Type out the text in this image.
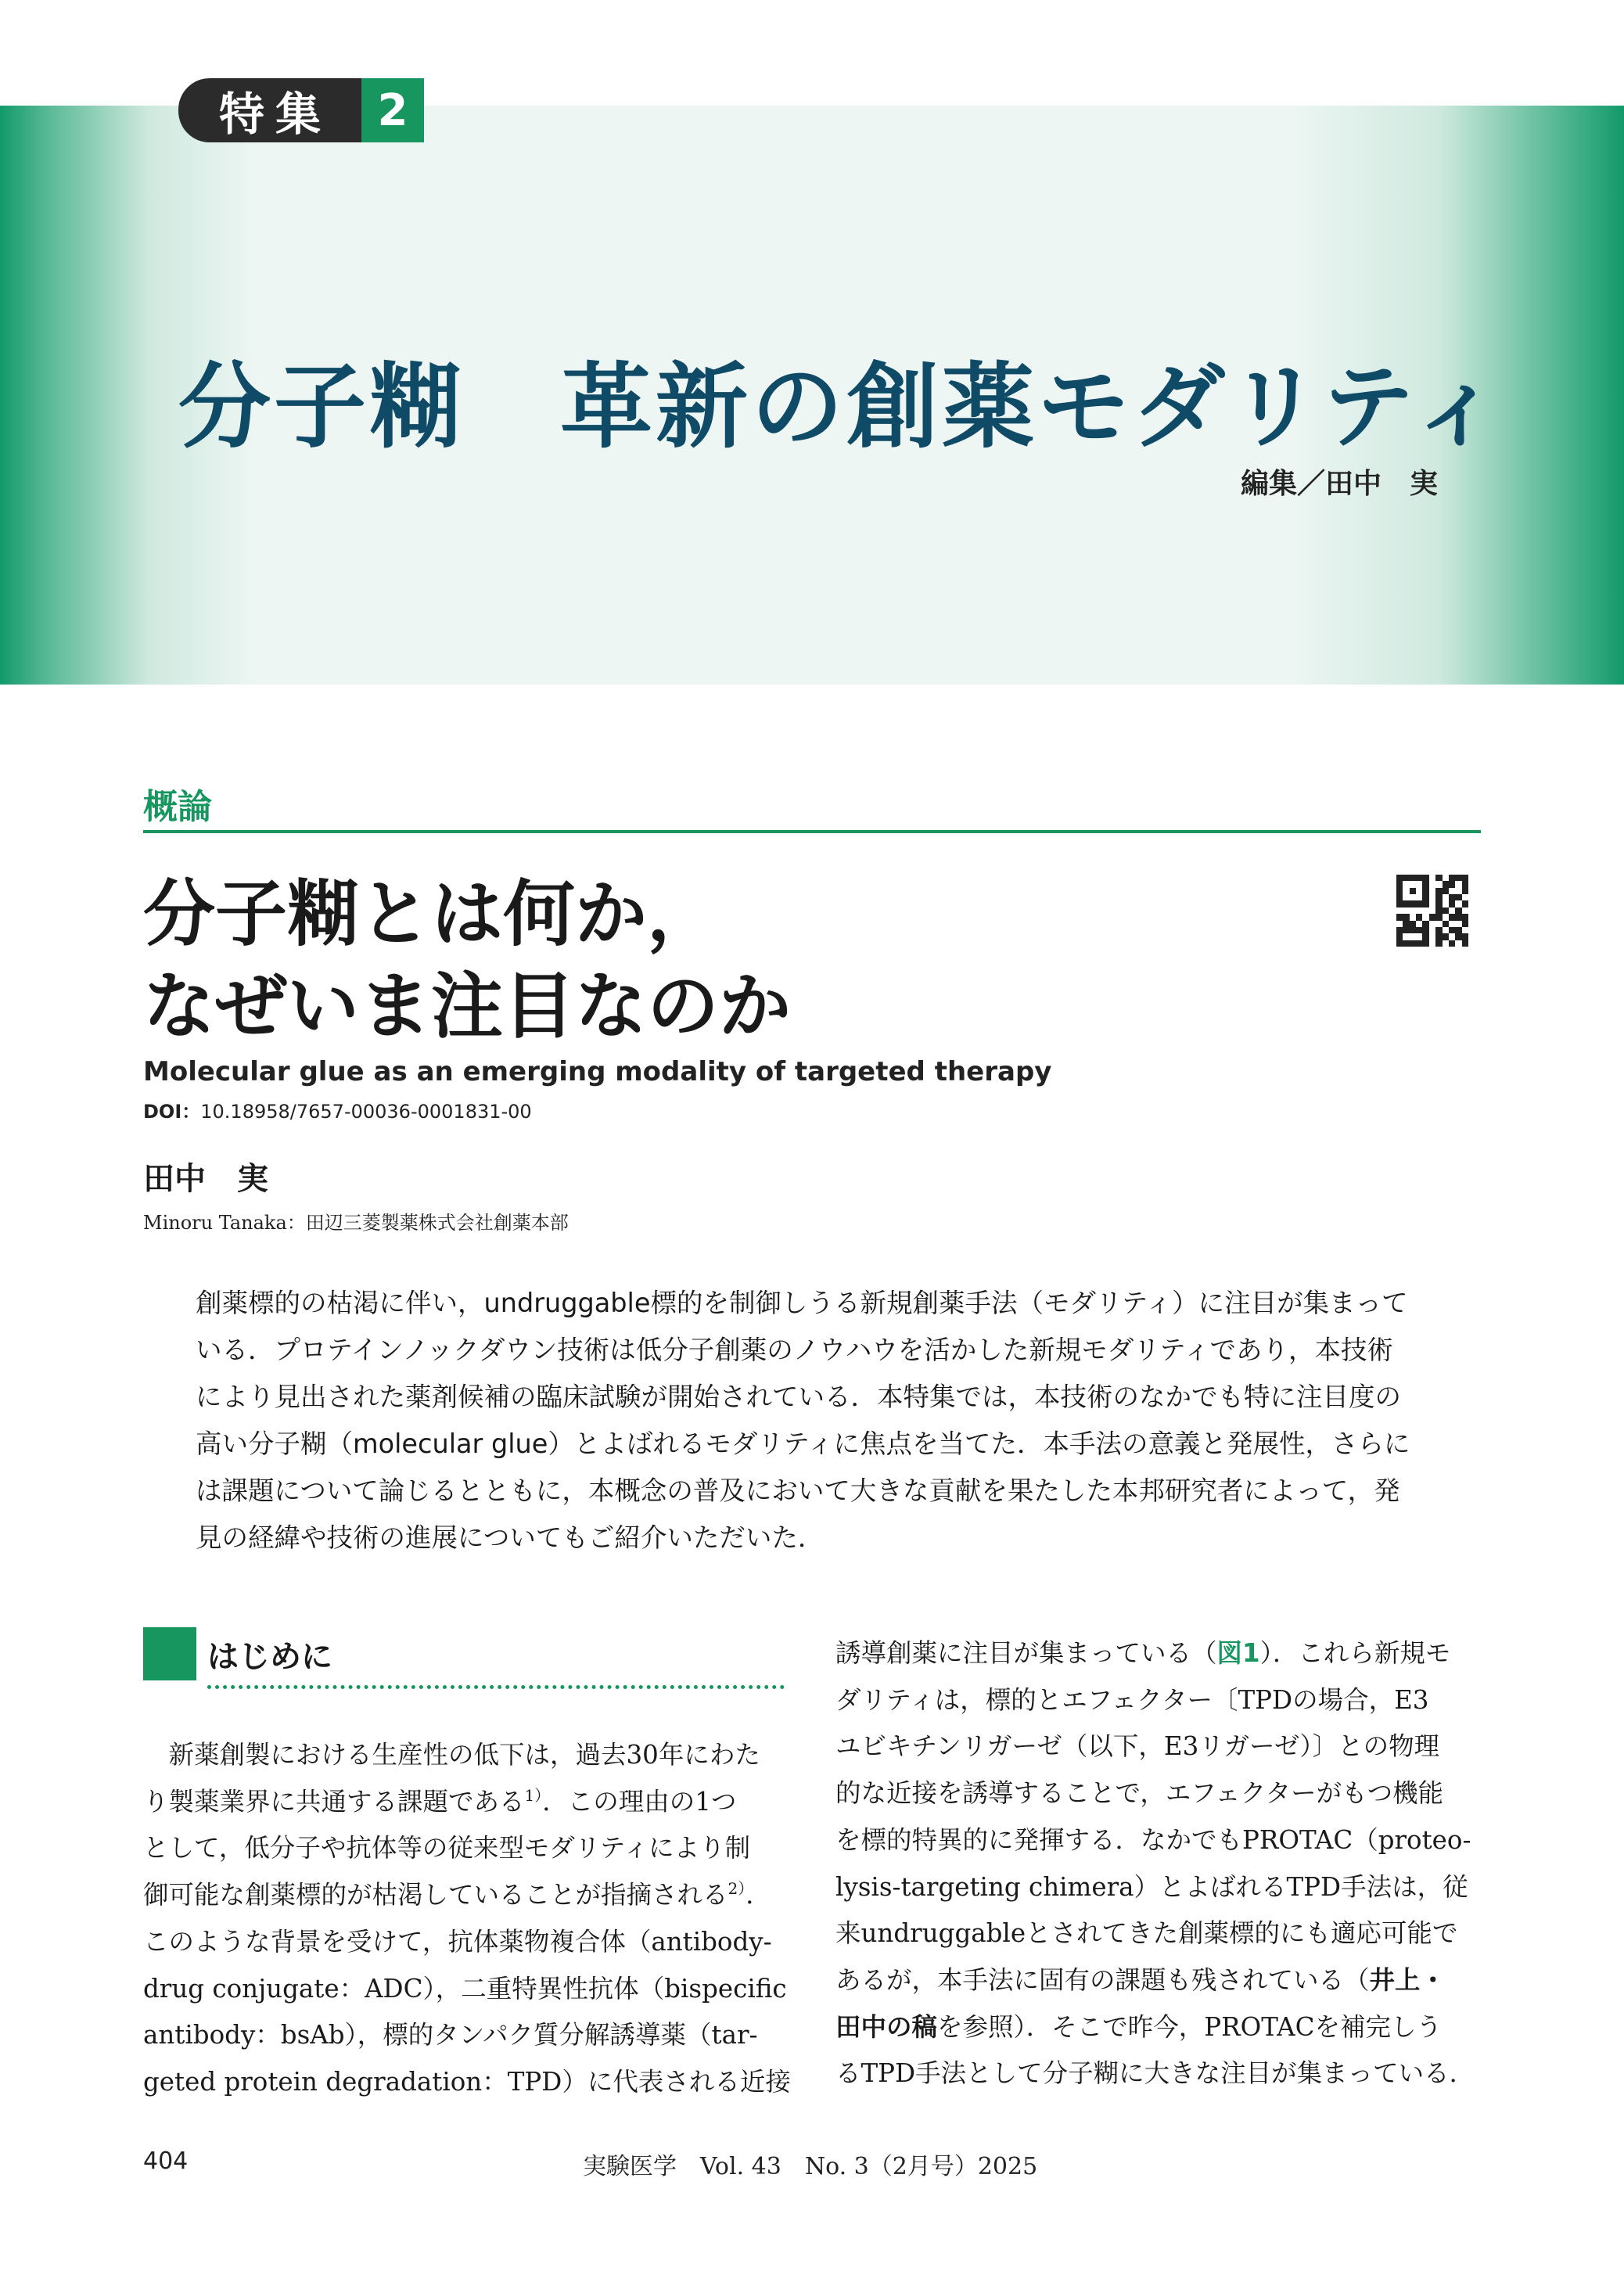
特集	2
分子糊　革新の創薬モダリティ
編集／田中　実
概論
分子糊とは何か，
なぜいま注目なのか
Molecular glue as an emerging modality of targeted therapy
DOI：10.18958/7657-00036-0001831-00
田中　実
Minoru Tanaka：田辺三菱製薬株式会社創薬本部
創薬標的の枯渇に伴い，undruggable標的を制御しうる新規創薬手法（モダリティ）に注目が集まって
いる．プロテインノックダウン技術は低分子創薬のノウハウを活かした新規モダリティであり，本技術
により見出された薬剤候補の臨床試験が開始されている．本特集では，本技術のなかでも特に注目度の
高い分子糊（molecular glue）とよばれるモダリティに焦点を当てた．本手法の意義と発展性，さらに
は課題について論じるとともに，本概念の普及において大きな貢献を果たした本邦研究者によって，発
見の経緯や技術の進展についてもご紹介いただいた．
はじめに
　新薬創製における生産性の低下は，過去30年にわた
り製薬業界に共通する課題である$^{1)}$．この理由の1つ
として，低分子や抗体等の従来型モダリティにより制
御可能な創薬標的が枯渇していることが指摘される$^{2)}$．
このような背景を受けて，抗体薬物複合体（antibody-
drug conjugate：ADC），二重特異性抗体（bispecific
antibody：bsAb），標的タンパク質分解誘導薬（tar-
geted protein degradation：TPD）に代表される近接
誘導創薬に注目が集まっている（図1）．これら新規モ
ダリティは，標的とエフェクター〔TPDの場合，E3
ユビキチンリガーゼ（以下，E3リガーゼ）〕との物理
的な近接を誘導することで，エフェクターがもつ機能
を標的特異的に発揮する．なかでもPROTAC（proteo-
lysis-targeting chimera）とよばれるTPD手法は，従
来undruggableとされてきた創薬標的にも適応可能で
あるが，本手法に固有の課題も残されている（井上・
田中の稿を参照）．そこで昨今，PROTACを補完しう
るTPD手法として分子糊に大きな注目が集まっている．
404	実験医学　Vol. 43　No. 3（2月号）2025
